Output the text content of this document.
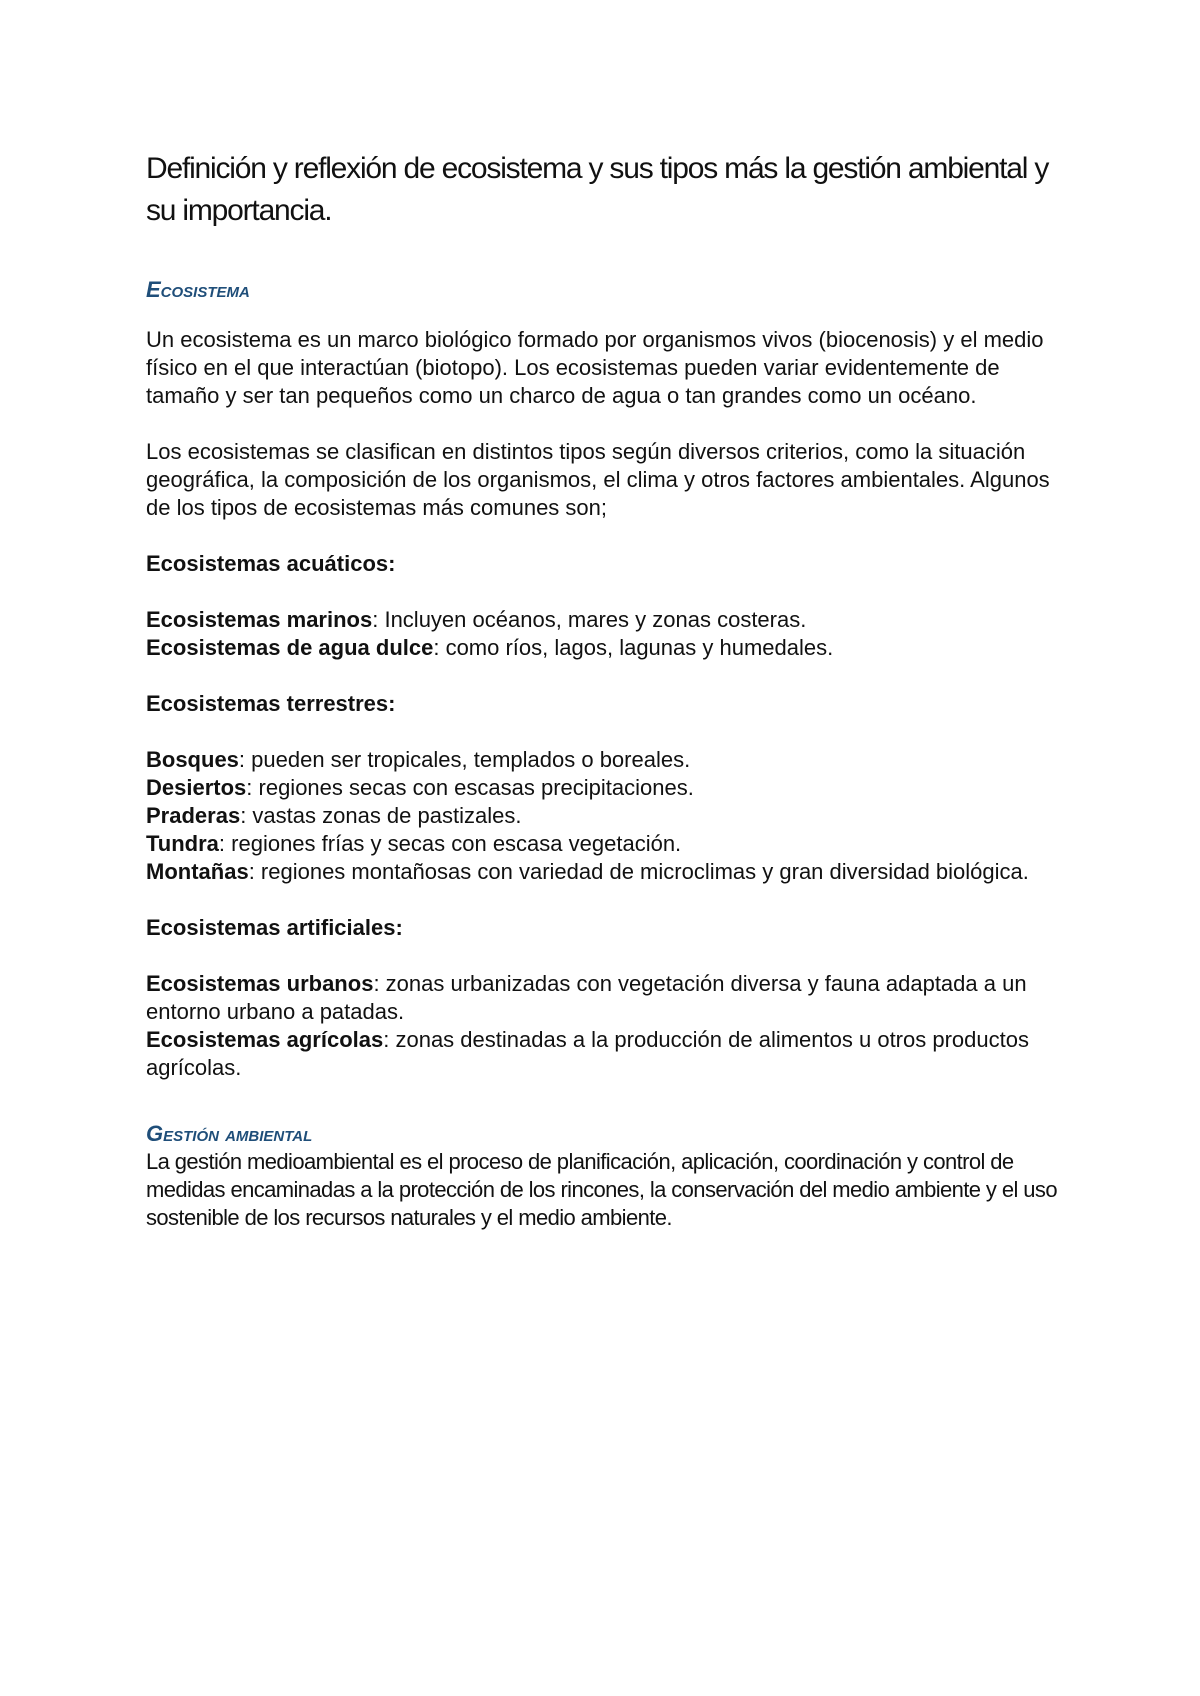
Definición y reflexión de ecosistema y sus tipos más la gestión ambiental y su importancia.
Ecosistema

Un ecosistema es un marco biológico formado por organismos vivos (biocenosis) y el medio físico en el que interactúan (biotopo). Los ecosistemas pueden variar evidentemente de tamaño y ser tan pequeños como un charco de agua o tan grandes como un océano.

Los ecosistemas se clasifican en distintos tipos según diversos criterios, como la situación geográfica, la composición de los organismos, el clima y otros factores ambientales. Algunos de los tipos de ecosistemas más comunes son;

Ecosistemas acuáticos:

Ecosistemas marinos: Incluyen océanos, mares y zonas costeras.
Ecosistemas de agua dulce: como ríos, lagos, lagunas y humedales.

Ecosistemas terrestres:

Bosques: pueden ser tropicales, templados o boreales.
Desiertos: regiones secas con escasas precipitaciones.
Praderas: vastas zonas de pastizales.
Tundra: regiones frías y secas con escasa vegetación.
Montañas: regiones montañosas con variedad de microclimas y gran diversidad biológica.

Ecosistemas artificiales:

Ecosistemas urbanos: zonas urbanizadas con vegetación diversa y fauna adaptada a un entorno urbano a patadas.
Ecosistemas agrícolas: zonas destinadas a la producción de alimentos u otros productos agrícolas.
Gestión ambiental

La gestión medioambiental es el proceso de planificación, aplicación, coordinación y control de medidas encaminadas a la protección de los rincones, la conservación del medio ambiente y el uso sostenible de los recursos naturales y el medio ambiente.
